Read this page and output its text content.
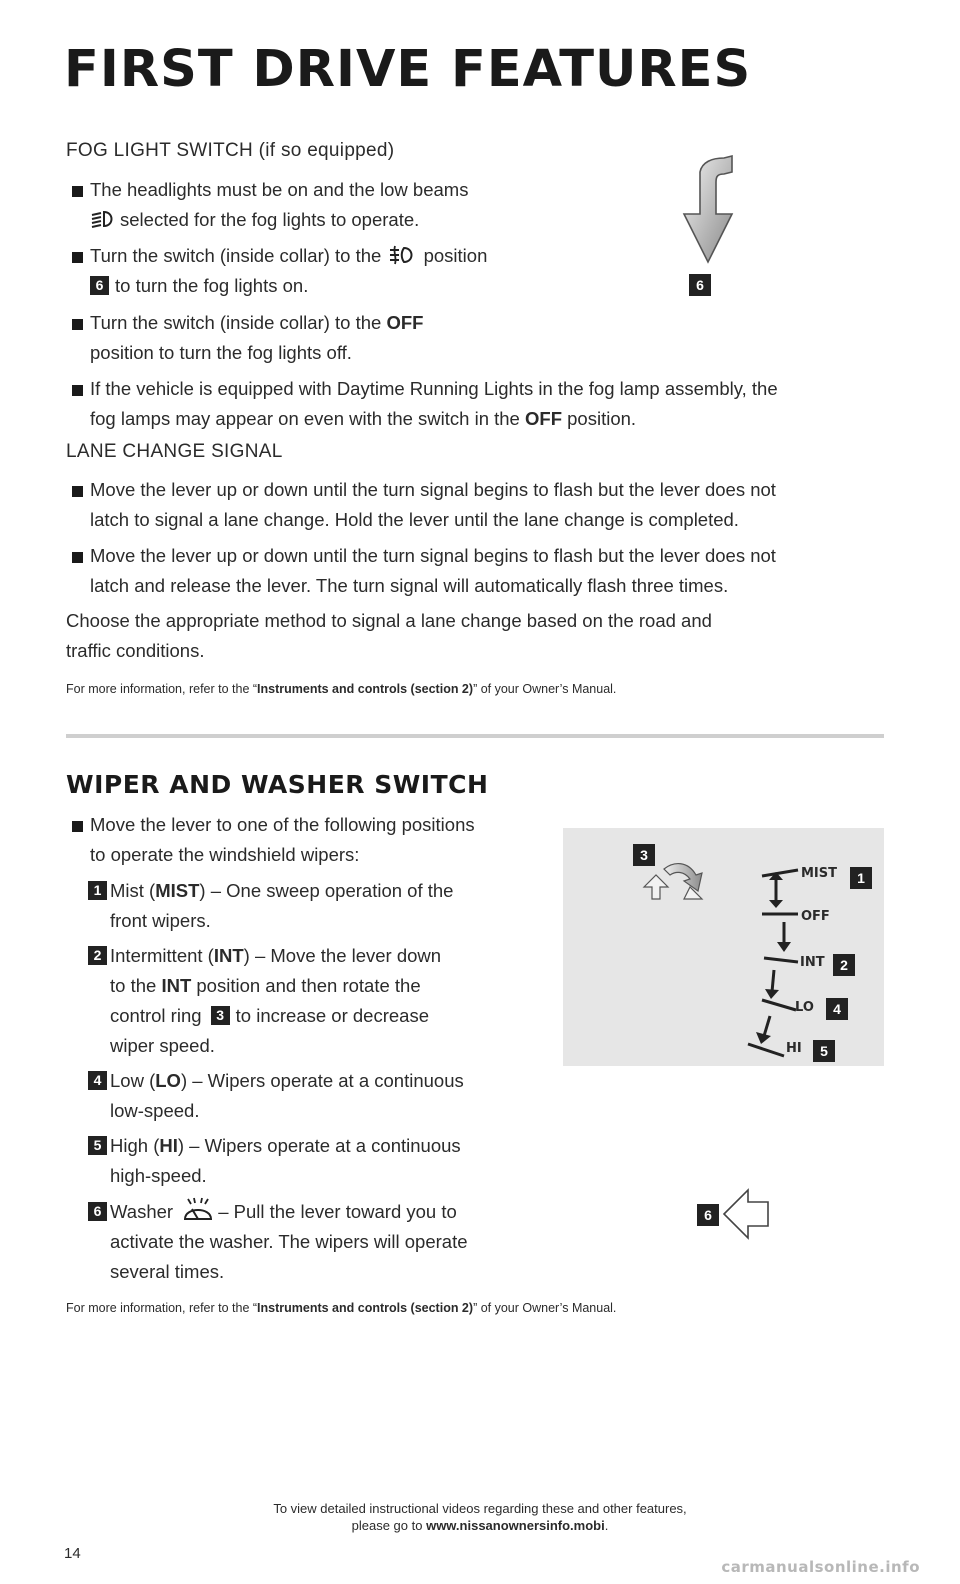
FIRST DRIVE FEATURES
FOG LIGHT SWITCH (if so equipped)
The headlights must be on and the low beams
selected for the fog lights to operate.
Turn the switch (inside collar) to the position
6 to turn the fog lights on.
Turn the switch (inside collar) to the OFF
position to turn the fog lights off.
If the vehicle is equipped with Daytime Running Lights in the fog lamp assembly, the
fog lamps may appear on even with the switch in the OFF position.
6
LANE CHANGE SIGNAL
Move the lever up or down until the turn signal begins to flash but the lever does not
latch to signal a lane change. Hold the lever until the lane change is completed.
Move the lever up or down until the turn signal begins to flash but the lever does not
latch and release the lever. The turn signal will automatically flash three times.
Choose the appropriate method to signal a lane change based on the road and
traffic conditions.
For more information, refer to the “Instruments and controls (section 2)” of your Owner’s Manual.
WIPER AND WASHER SWITCH
Move the lever to one of the following positions
to operate the windshield wipers:
1 Mist (MIST) – One sweep operation of the
front wipers.
2 Intermittent (INT) – Move the lever down
to the INT position and then rotate the
control ring 3 to increase or decrease
wiper speed.
4 Low (LO) – Wipers operate at a continuous
low-speed.
5 High (HI) – Wipers operate at a continuous
high-speed.
6 Washer – Pull the lever toward you to
activate the washer. The wipers will operate
several times.
3
MIST	1
OFF
INT	2
LO	4
HI	5
6
For more information, refer to the “Instruments and controls (section 2)” of your Owner’s Manual.
To view detailed instructional videos regarding these and other features,
please go to www.nissanownersinfo.mobi.
14
carmanualsonline.info
